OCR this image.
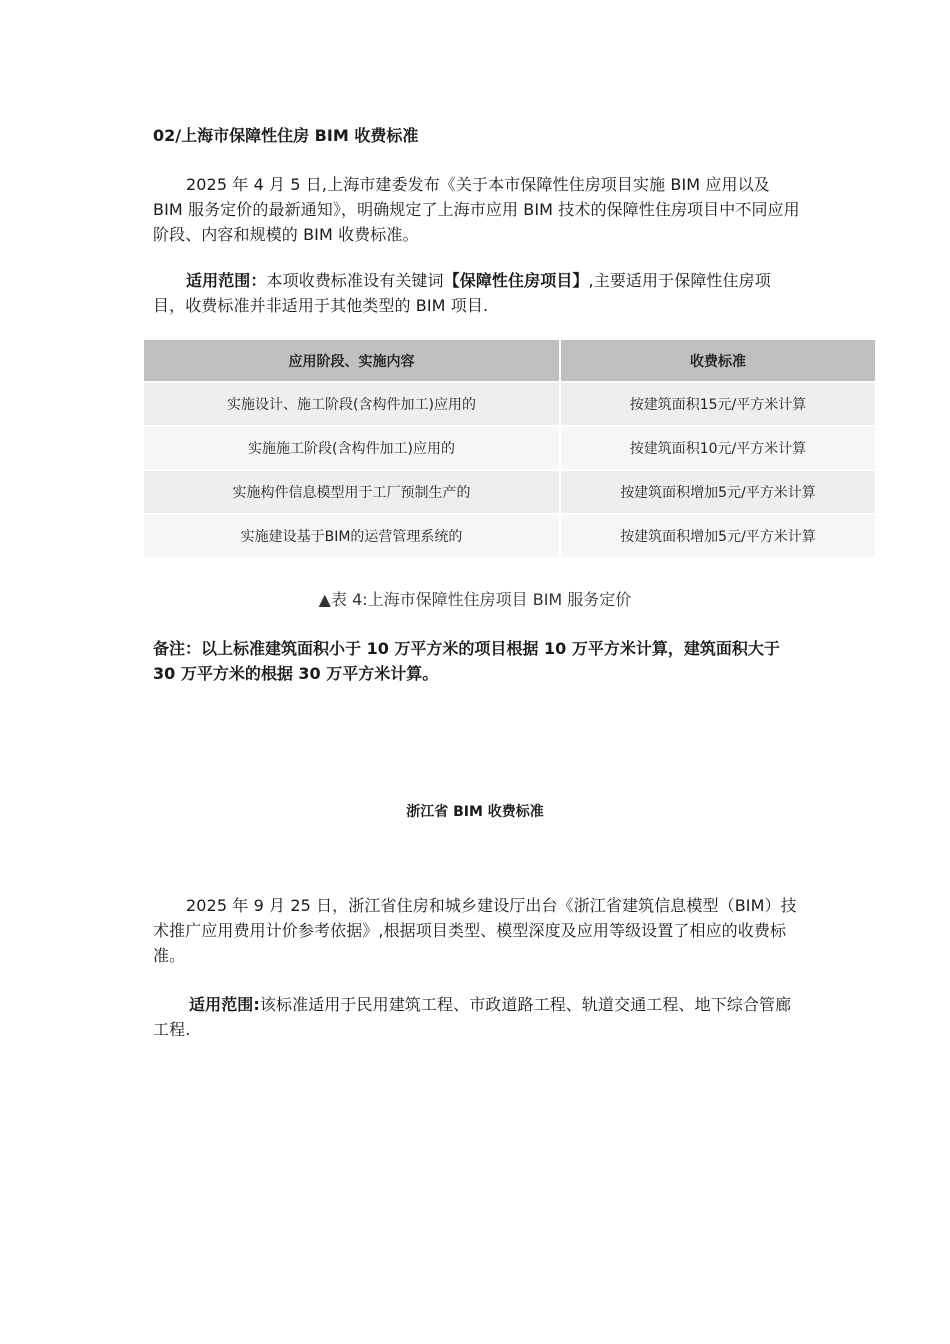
02/上海市保障性住房 BIM 收费标准
2025 年 4 月 5 日,上海市建委发布《关于本市保障性住房项目实施 BIM 应用以及 BIM 服务定价的最新通知》，明确规定了上海市应用 BIM 技术的保障性住房项目中不同应用阶段、内容和规模的 BIM 收费标准。
适用范围：本项收费标准设有关键词【保障性住房项目】,主要适用于保障性住房项目，收费标准并非适用于其他类型的 BIM 项目.
应用阶段、实施内容	收费标准
实施设计、施工阶段(含构件加工)应用的	按建筑面积15元/平方米计算
实施施工阶段(含构件加工)应用的	按建筑面积10元/平方米计算
实施构件信息模型用于工厂预制生产的	按建筑面积增加5元/平方米计算
实施建设基于BIM的运营管理系统的	按建筑面积增加5元/平方米计算
▲表 4:上海市保障性住房项目 BIM 服务定价
备注：以上标准建筑面积小于 10 万平方米的项目根据 10 万平方米计算，建筑面积大于 30 万平方米的根据 30 万平方米计算。
浙江省 BIM 收费标准
2025 年 9 月 25 日，浙江省住房和城乡建设厅出台《浙江省建筑信息模型（BIM）技术推广应用费用计价参考依据》,根据项目类型、模型深度及应用等级设置了相应的收费标准。
适用范围:该标准适用于民用建筑工程、市政道路工程、轨道交通工程、地下综合管廊工程.
